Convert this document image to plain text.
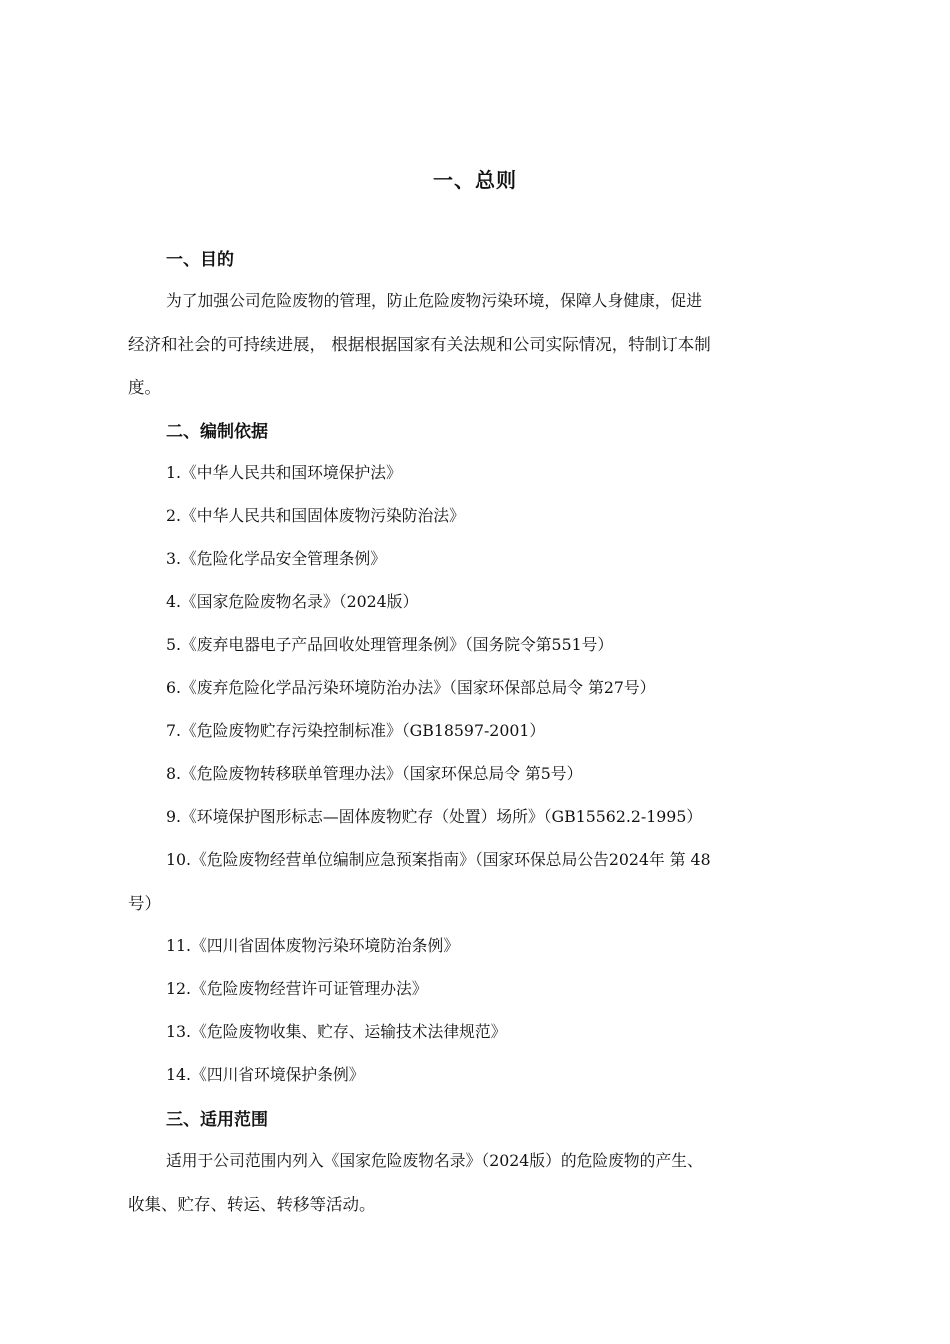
一、总则
一、目的
为了加强公司危险废物的管理，防止危险废物污染环境，保障人身健康，促进
经济和社会的可持续进展， 根据根据国家有关法规和公司实际情况，特制订本制
度。
二、编制依据
1.《中华人民共和国环境保护法》
2.《中华人民共和国固体废物污染防治法》
3.《危险化学品安全管理条例》
4.《国家危险废物名录》（2024版）
5.《废弃电器电子产品回收处理管理条例》（国务院令第551号）
6.《废弃危险化学品污染环境防治办法》（国家环保部总局令 第27号）
7.《危险废物贮存污染控制标准》（GB18597-2001）
8.《危险废物转移联单管理办法》（国家环保总局令 第5号）
9.《环境保护图形标志—固体废物贮存（处置）场所》（GB15562.2-1995）
10.《危险废物经营单位编制应急预案指南》（国家环保总局公告2024年 第 48
号）
11.《四川省固体废物污染环境防治条例》
12.《危险废物经营许可证管理办法》
13.《危险废物收集、贮存、运输技术法律规范》
14.《四川省环境保护条例》
三、适用范围
适用于公司范围内列入《国家危险废物名录》（2024版）的危险废物的产生、
收集、贮存、转运、转移等活动。
